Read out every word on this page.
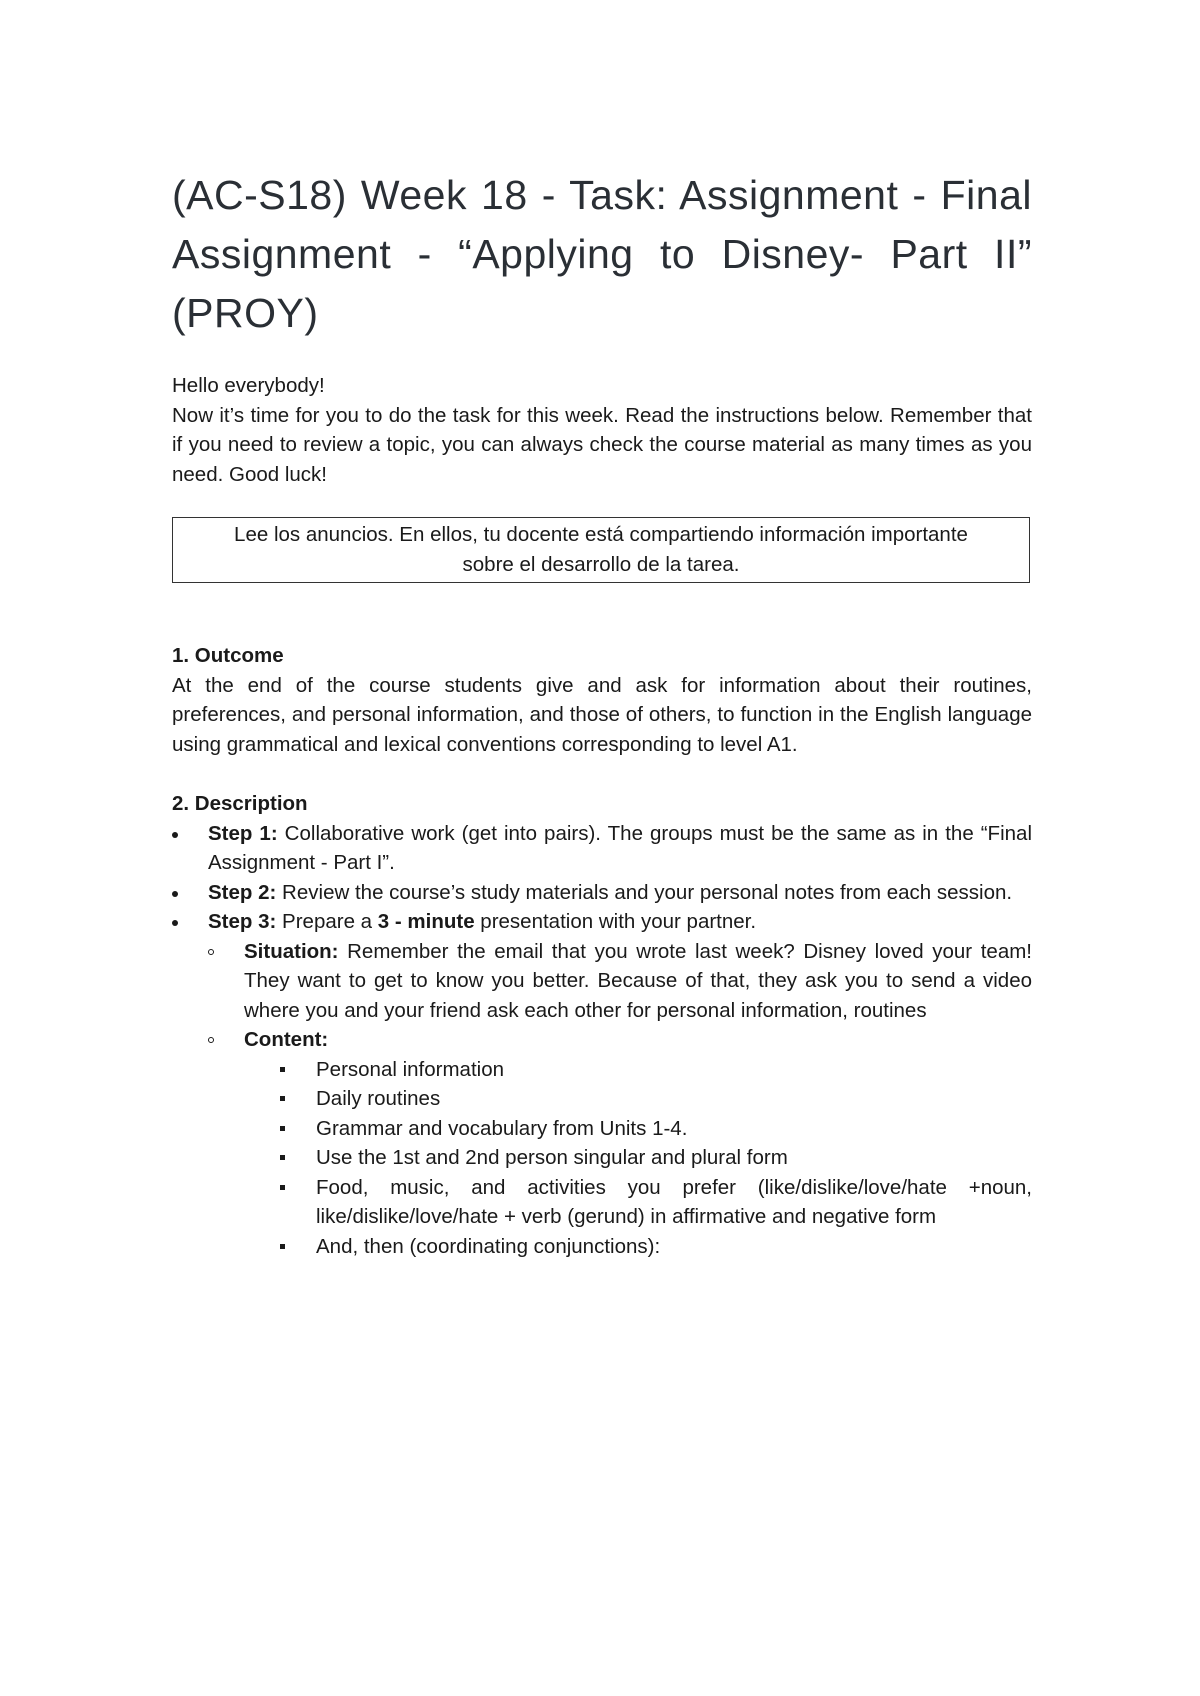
(AC-S18) Week 18 - Task: Assignment - Final Assignment - “Applying to Disney- Part II” (PROY)

Hello everybody!

Now it’s time for you to do the task for this week. Read the instructions below. Remember that if you need to review a topic, you can always check the course material as many times as you need. Good luck!

Lee los anuncios. En ellos, tu docente está compartiendo información importante sobre el desarrollo de la tarea.
1. Outcome

At the end of the course students give and ask for information about their routines, preferences, and personal information, and those of others, to function in the English language using grammatical and lexical conventions corresponding to level A1.

2. Description
Step 1: Collaborative work (get into pairs). The groups must be the same as in the “Final Assignment - Part I”.
Step 2: Review the course’s study materials and your personal notes from each session.
Step 3: Prepare a 3 - minute presentation with your partner.
Situation: Remember the email that you wrote last week? Disney loved your team! They want to get to know you better. Because of that, they ask you to send a video where you and your friend ask each other for personal information, routines
Content:
Personal information
Daily routines
Grammar and vocabulary from Units 1-4.
Use the 1st and 2nd person singular and plural form
Food, music, and activities you prefer (like/dislike/love/hate +noun, like/dislike/love/hate + verb (gerund) in affirmative and negative form
And, then (coordinating conjunctions):
